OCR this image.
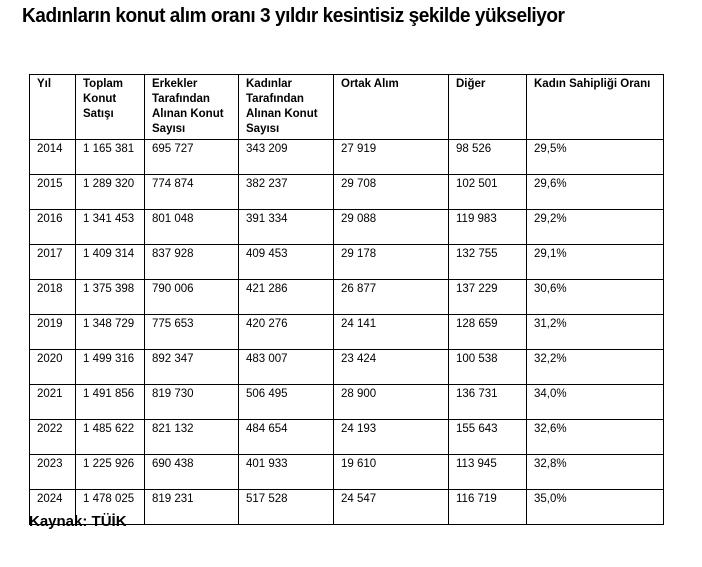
Kadınların konut alım oranı 3 yıldır kesintisiz şekilde yükseliyor
Yıl	Toplam Konut Satışı	Erkekler Tarafından Alınan Konut Sayısı	Kadınlar Tarafından Alınan Konut Sayısı	Ortak Alım	Diğer	Kadın Sahipliği Oranı
2014	1 165 381	695 727	343 209	27 919	98 526	29,5%
2015	1 289 320	774 874	382 237	29 708	102 501	29,6%
2016	1 341 453	801 048	391 334	29 088	119 983	29,2%
2017	1 409 314	837 928	409 453	29 178	132 755	29,1%
2018	1 375 398	790 006	421 286	26 877	137 229	30,6%
2019	1 348 729	775 653	420 276	24 141	128 659	31,2%
2020	1 499 316	892 347	483 007	23 424	100 538	32,2%
2021	1 491 856	819 730	506 495	28 900	136 731	34,0%
2022	1 485 622	821 132	484 654	24 193	155 643	32,6%
2023	1 225 926	690 438	401 933	19 610	113 945	32,8%
2024	1 478 025	819 231	517 528	24 547	116 719	35,0%
Kaynak: TÜİK
